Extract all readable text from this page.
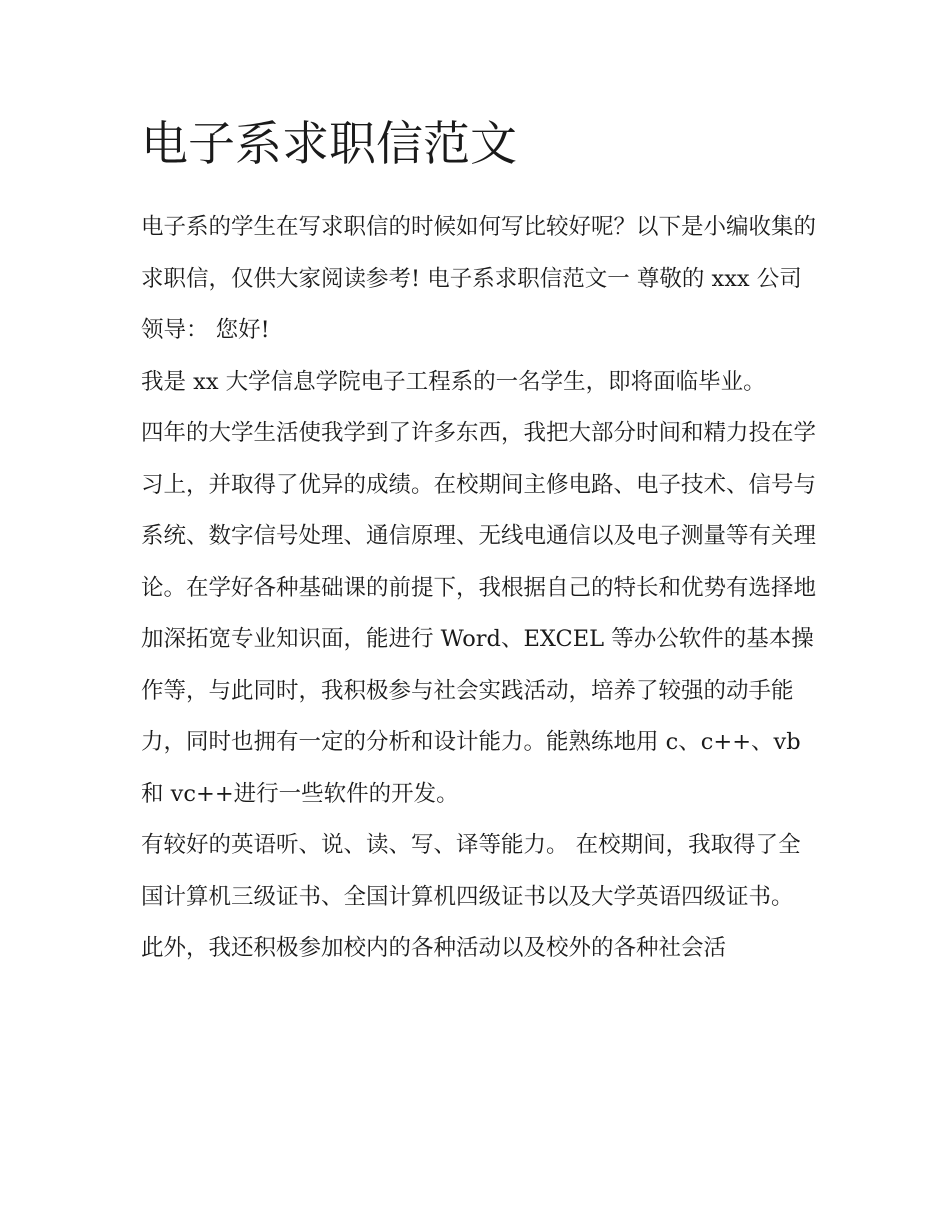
电子系求职信范文

电子系的学生在写求职信的时候如何写比较好呢？以下是小编收集的求职信，仅供大家阅读参考! 电子系求职信范文一 尊敬的 xxx 公司领导： 您好!

我是 xx 大学信息学院电子工程系的一名学生，即将面临毕业。

四年的大学生活使我学到了许多东西，我把大部分时间和精力投在学习上，并取得了优异的成绩。在校期间主修电路、电子技术、信号与系统、数字信号处理、通信原理、无线电通信以及电子测量等有关理论。在学好各种基础课的前提下，我根据自己的特长和优势有选择地加深拓宽专业知识面，能进行 Word、EXCEL 等办公软件的基本操作等，与此同时，我积极参与社会实践活动，培养了较强的动手能力，同时也拥有一定的分析和设计能力。能熟练地用 c、c++、vb 和 vc++进行一些软件的开发。

有较好的英语听、说、读、写、译等能力。 在校期间，我取得了全国计算机三级证书、全国计算机四级证书以及大学英语四级证书。

此外，我还积极参加校内的各种活动以及校外的各种社会活
